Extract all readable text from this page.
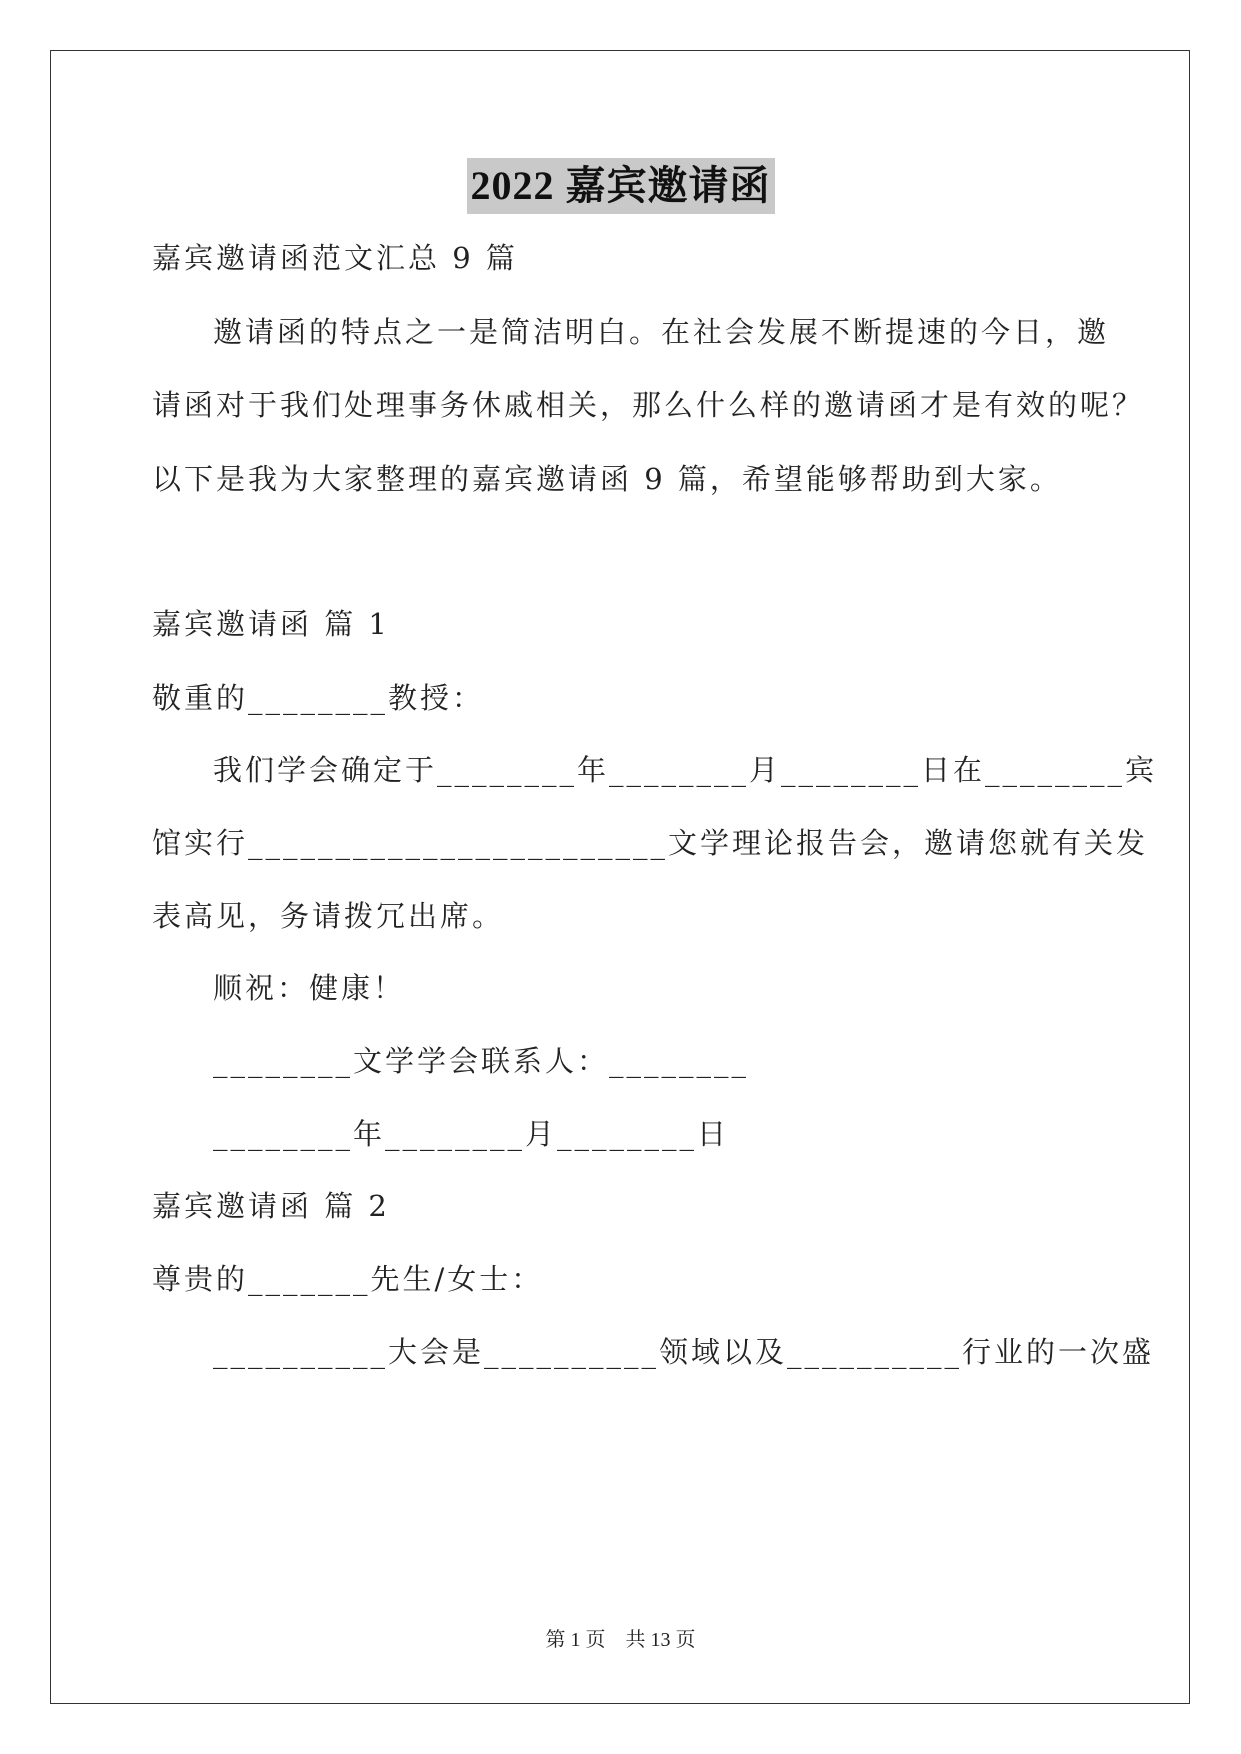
2022 嘉宾邀请函
嘉宾邀请函范文汇总 9 篇
邀请函的特点之一是简洁明白。在社会发展不断提速的今日，邀
请函对于我们处理事务休戚相关，那么什么样的邀请函才是有效的呢？
以下是我为大家整理的嘉宾邀请函 9 篇，希望能够帮助到大家。
嘉宾邀请函 篇 1
敬重的________教授：
我们学会确定于________年________月________日在________宾
馆实行________________________文学理论报告会，邀请您就有关发
表高见，务请拨冗出席。
顺祝：健康！
________文学学会联系人：________
________年________月________日
嘉宾邀请函 篇 2
尊贵的_______先生/女士：
__________大会是__________领域以及__________行业的一次盛
第 1 页    共 13 页
